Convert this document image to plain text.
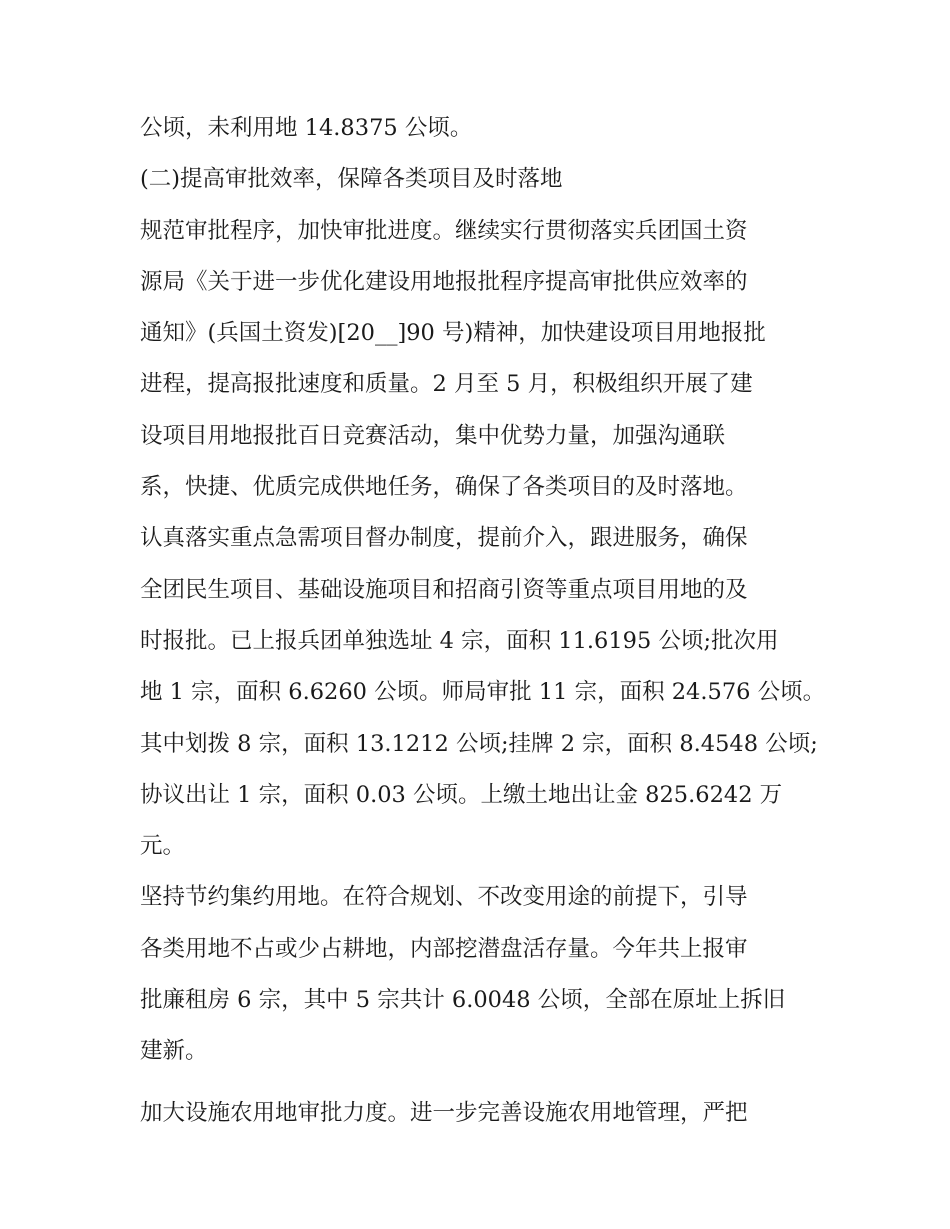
公顷，未利用地 14.8375 公顷。
(二)提高审批效率，保障各类项目及时落地
规范审批程序，加快审批进度。继续实行贯彻落实兵团国土资
源局《关于进一步优化建设用地报批程序提高审批供应效率的
通知》(兵国土资发)[20__]90 号)精神，加快建设项目用地报批
进程，提高报批速度和质量。2 月至 5 月，积极组织开展了建
设项目用地报批百日竞赛活动，集中优势力量，加强沟通联
系，快捷、优质完成供地任务，确保了各类项目的及时落地。
认真落实重点急需项目督办制度，提前介入，跟进服务，确保
全团民生项目、基础设施项目和招商引资等重点项目用地的及
时报批。已上报兵团单独选址 4 宗，面积 11.6195 公顷;批次用
地 1 宗，面积 6.6260 公顷。师局审批 11 宗，面积 24.576 公顷。
其中划拨 8 宗，面积 13.1212 公顷;挂牌 2 宗，面积 8.4548 公顷;
协议出让 1 宗，面积 0.03 公顷。上缴土地出让金 825.6242 万
元。
坚持节约集约用地。在符合规划、不改变用途的前提下，引导
各类用地不占或少占耕地，内部挖潜盘活存量。今年共上报审
批廉租房 6 宗，其中 5 宗共计 6.0048 公顷，全部在原址上拆旧
建新。
加大设施农用地审批力度。进一步完善设施农用地管理，严把
